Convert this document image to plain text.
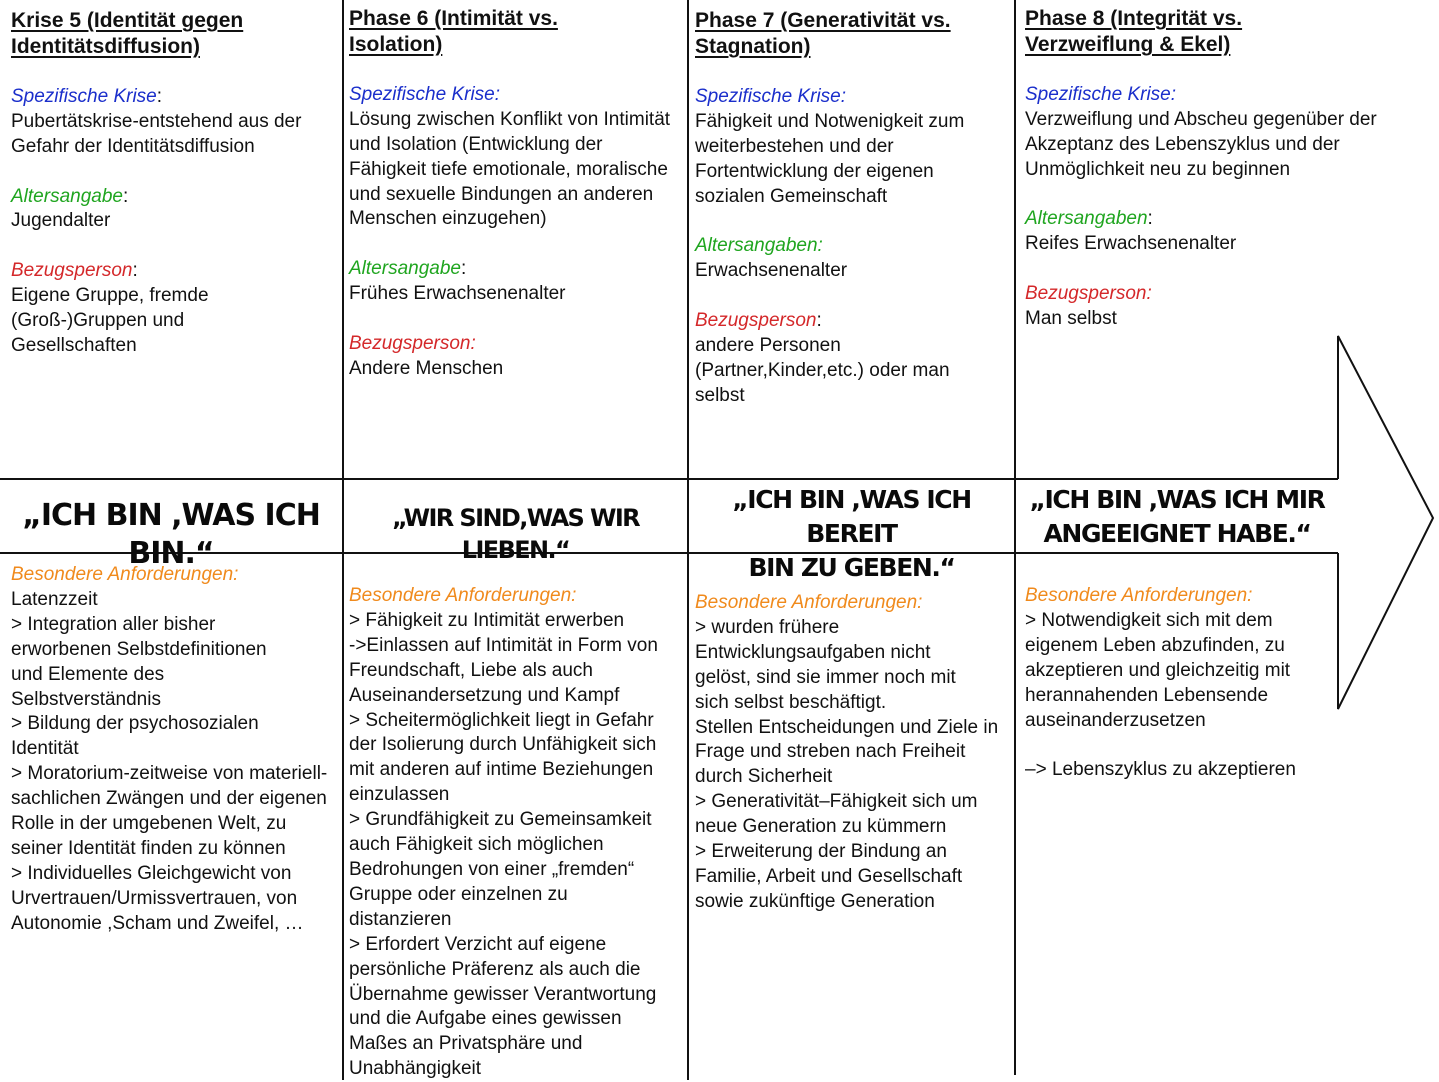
Krise 5 (Identität gegen Identitätsdiffusion)

Spezifische Krise:

Pubertätskrise-entstehend aus der Gefahr der Identitätsdiffusion

Altersangabe:

Jugendalter

Bezugsperson:

Eigene Gruppe, fremde (Groß-)Gruppen und Gesellschaften

Phase 6 (Intimität vs. Isolation)

Spezifische Krise:

Lösung zwischen Konflikt von Intimität und Isolation (Entwicklung der Fähigkeit tiefe emotionale, moralische und sexuelle Bindungen an anderen Menschen einzugehen)

Altersangabe:

Frühes Erwachsenenalter

Bezugsperson:

Andere Menschen

Phase 7 (Generativität vs. Stagnation)

Spezifische Krise:

Fähigkeit und Notwenigkeit zum weiterbestehen und der Fortentwicklung der eigenen sozialen Gemeinschaft

Altersangaben:

Erwachsenenalter

Bezugsperson:

andere Personen (Partner,Kinder,etc.) oder man selbst

Phase 8 (Integrität vs. Verzweiflung & Ekel)

Spezifische Krise:

Verzweiflung und Abscheu gegenüber der Akzeptanz des Lebenszyklus und der Unmöglichkeit neu zu beginnen

Altersangaben:

Reifes Erwachsenenalter

Bezugsperson:

Man selbst

„ICH BIN ,WAS ICH BIN.“
„WIR SIND,WAS WIR LIEBEN.“
„ICH BIN ,WAS ICH BEREIT
BIN ZU GEBEN.“
„ICH BIN ,WAS ICH MIR
ANGEEIGNET HABE.“

Besondere Anforderungen:

Latenzzeit

> Integration aller bisher erworbenen Selbstdefinitionen und Elemente des Selbstverständnis

> Bildung der psychosozialen Identität

> Moratorium-zeitweise von materiell-sachlichen Zwängen und der eigenen Rolle in der umgebenen Welt, zu seiner Identität finden zu können

> Individuelles Gleichgewicht von Urvertrauen/Urmissvertrauen, von Autonomie ,Scham und Zweifel, …

Besondere Anforderungen:

> Fähigkeit zu Intimität erwerben

->Einlassen auf Intimität in Form von Freundschaft, Liebe als auch Auseinandersetzung und Kampf

> Scheitermöglichkeit liegt in Gefahr der Isolierung durch Unfähigkeit sich mit anderen auf intime Beziehungen einzulassen

> Grundfähigkeit zu Gemeinsamkeit auch Fähigkeit sich möglichen Bedrohungen von einer „fremden“ Gruppe oder einzelnen zu distanzieren

> Erfordert Verzicht auf eigene persönliche Präferenz als auch die Übernahme gewisser Verantwortung und die Aufgabe eines gewissen Maßes an Privatsphäre und Unabhängigkeit

Besondere Anforderungen:

> wurden frühere Entwicklungsaufgaben nicht gelöst, sind sie immer noch mit sich selbst beschäftigt.

Stellen Entscheidungen und Ziele in Frage und streben nach Freiheit durch Sicherheit

> Generativität–Fähigkeit sich um neue Generation zu kümmern

> Erweiterung der Bindung an Familie, Arbeit und Gesellschaft sowie zukünftige Generation

Besondere Anforderungen:

> Notwendigkeit sich mit dem eigenem Leben abzufinden, zu akzeptieren und gleichzeitig mit herannahenden Lebensende auseinanderzusetzen

–> Lebenszyklus zu akzeptieren
